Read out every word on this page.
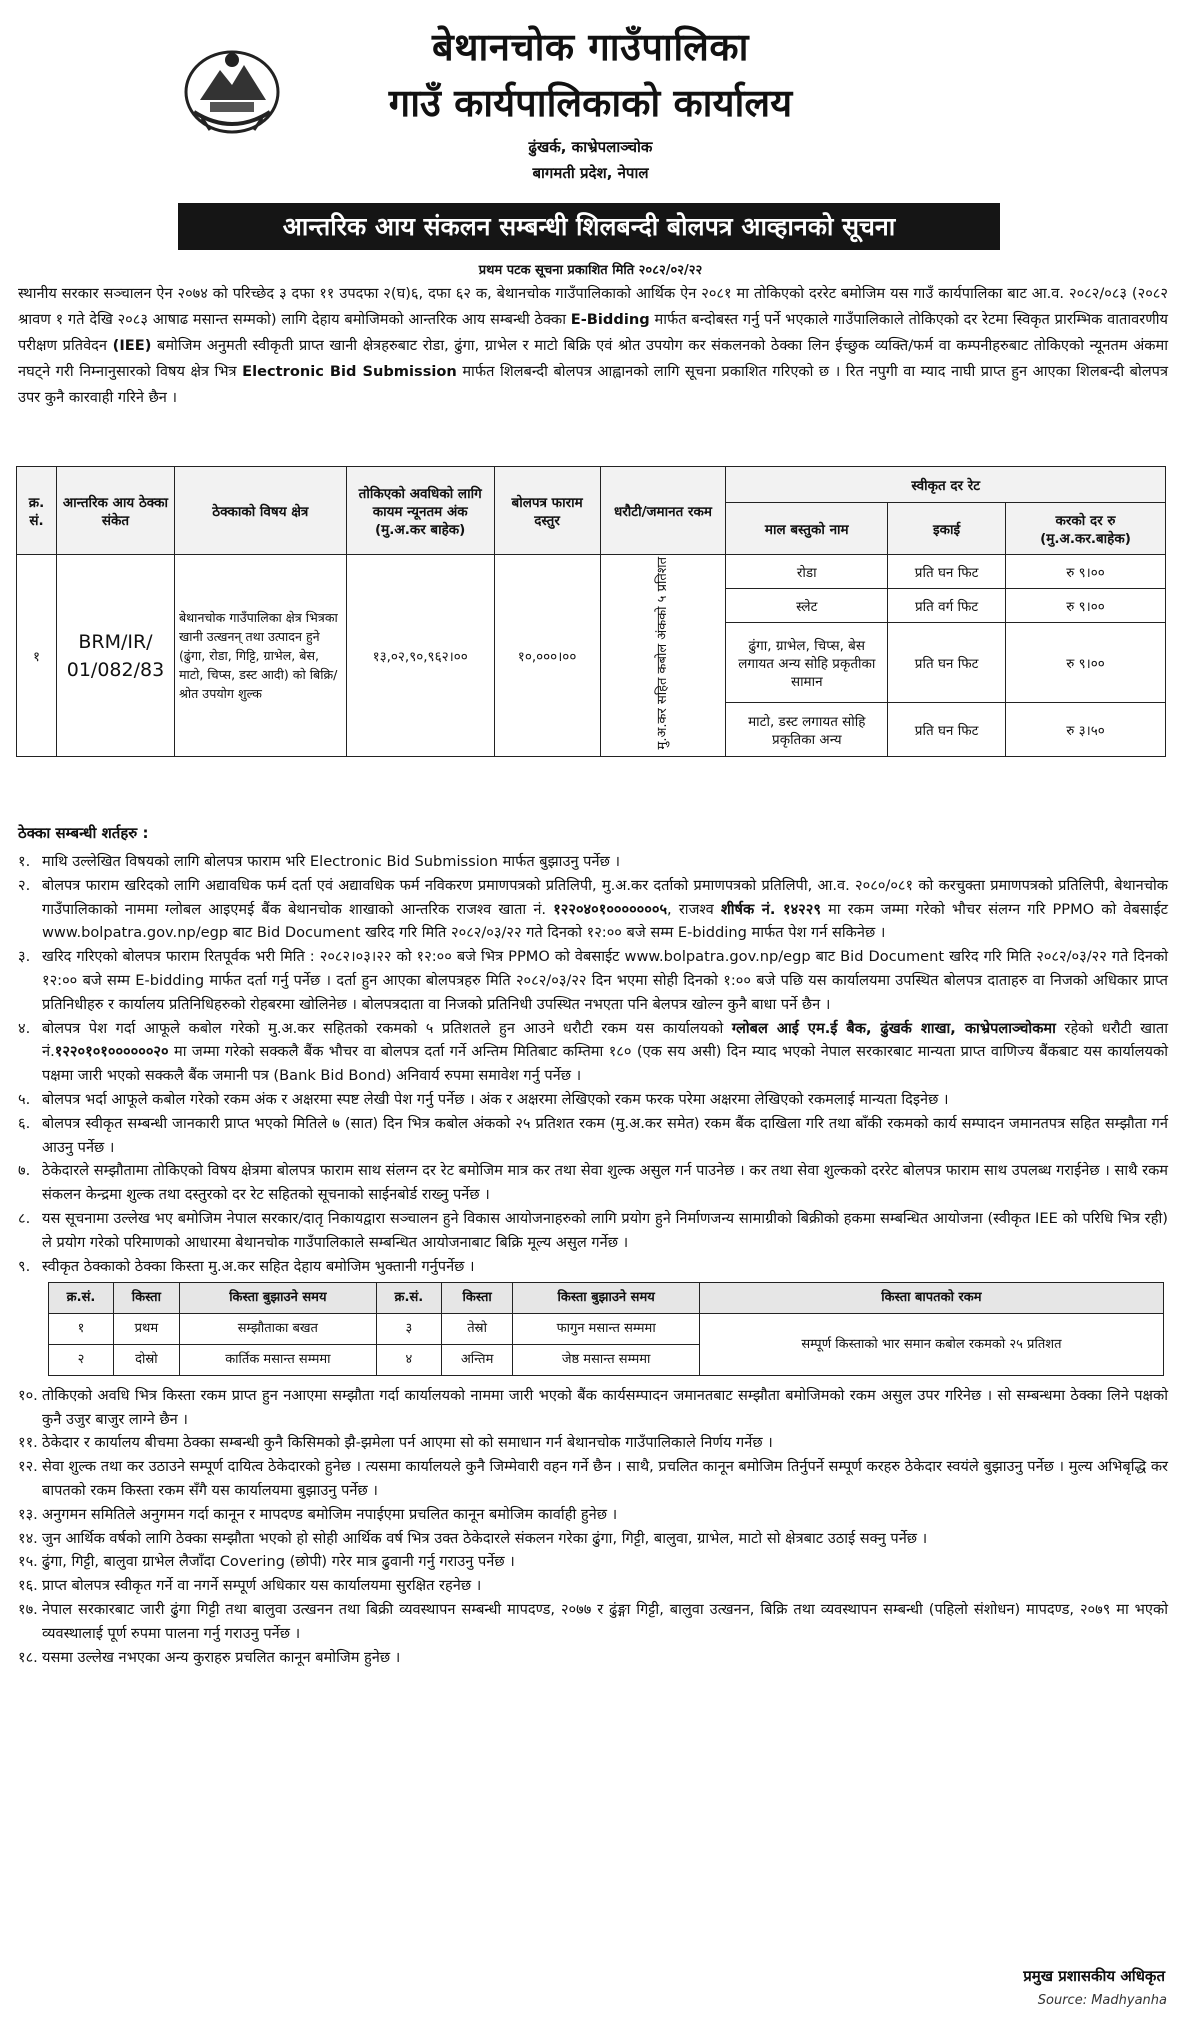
बेथानचोक गाउँपालिका
गाउँ कार्यपालिकाको कार्यालय
ढुंखर्क, काभ्रेपलाञ्चोक
बागमती प्रदेश, नेपाल
आन्तरिक आय संकलन सम्बन्धी शिलबन्दी बोलपत्र आव्हानको सूचना
प्रथम पटक सूचना प्रकाशित मिति २०८२/०२/२२
स्थानीय सरकार सञ्चालन ऐन २०७४ को परिच्छेद ३ दफा ११ उपदफा २(घ)६, दफा ६२ क, बेथानचोक गाउँपालिकाको आर्थिक ऐन २०८१ मा तोकिएको दररेट बमोजिम यस गाउँ कार्यपालिका बाट आ.व. २०८२/०८३ (२०८२ श्रावण १ गते देखि २०८३ आषाढ मसान्त सम्मको) लागि देहाय बमोजिमको आन्तरिक आय सम्बन्धी ठेक्का E-Bidding मार्फत बन्दोबस्त गर्नु पर्ने भएकाले गाउँपालिकाले तोकिएको दर रेटमा स्विकृत प्रारम्भिक वातावरणीय परीक्षण प्रतिवेदन (IEE) बमोजिम अनुमती स्वीकृती प्राप्त खानी क्षेत्रहरुबाट रोडा, ढुंगा, ग्राभेल र माटो बिक्रि एवं श्रोत उपयोग कर संकलनको ठेक्का लिन ईच्छुक व्यक्ति/फर्म वा कम्पनीहरुबाट तोकिएको न्यूनतम अंकमा नघट्ने गरी निम्नानुसारको विषय क्षेत्र भित्र Electronic Bid Submission मार्फत शिलबन्दी बोलपत्र आह्वानको लागि सूचना प्रकाशित गरिएको छ । रित नपुगी वा म्याद नाघी प्राप्त हुन आएका शिलबन्दी बोलपत्र उपर कुनै कारवाही गरिने छैन ।
क्र. सं.	आन्तरिक आय ठेक्का संकेत	ठेक्काको विषय क्षेत्र	तोकिएको अवधिको लागि कायम न्यूनतम अंक (मु.अ.कर बाहेक)	बोलपत्र फाराम दस्तुर	धरौटी/जमानत रकम	स्वीकृत दर रेट		
						माल बस्तुको नाम	इकाई	करको दर रु (मु.अ.कर.बाहेक)
१	BRM/IR/ 01/082/83	बेथानचोक गाउँपालिका क्षेत्र भित्रका खानी उत्खनन् तथा उत्पादन हुने (ढुंगा, रोडा, गिट्टि, ग्राभेल, बेस, माटो, चिप्स, डस्ट आदी) को बिक्रि/श्रोत उपयोग शुल्क	१३,०२,९०,९६२।००	१०,०००।००	मु.अ.कर सहित कबोल अंकको ५ प्रतिशत	रोडा	प्रति घन फिट	रु ९।००
						स्लेट	प्रति वर्ग फिट	रु ९।००
						ढुंगा, ग्राभेल, चिप्स, बेस लगायत अन्य सोहि प्रकृतीका सामान	प्रति घन फिट	रु ९।००
						माटो, डस्ट लगायत सोहि प्रकृतिका अन्य	प्रति घन फिट	रु ३।५०
ठेक्का सम्बन्धी शर्तहरु :
१. माथि उल्लेखित विषयको लागि बोलपत्र फाराम भरि Electronic Bid Submission मार्फत बुझाउनु पर्नेछ ।
२. बोलपत्र फाराम खरिदको लागि अद्यावधिक फर्म दर्ता एवं अद्यावधिक फर्म नविकरण प्रमाणपत्रको प्रतिलिपी, मु.अ.कर दर्ताको प्रमाणपत्रको प्रतिलिपी, आ.व. २०८०/०८१ को करचुक्ता प्रमाणपत्रको प्रतिलिपी, बेथानचोक गाउँपालिकाको नाममा ग्लोबल आइएमई बैंक बेथानचोक शाखाको आन्तरिक राजश्व खाता नं. १२२०४०१०००००००५, राजश्व शीर्षक नं. १४२२९ मा रकम जम्मा गरेको भौचर संलग्न गरि PPMO को वेबसाईट www.bolpatra.gov.np/egp बाट Bid Document खरिद गरि मिति २०८२/०३/२२ गते दिनको १२:०० बजे सम्म E-bidding मार्फत पेश गर्न सकिनेछ ।
३. खरिद गरिएको बोलपत्र फाराम रितपूर्वक भरी मिति : २०८२।०३।२२ को १२:०० बजे भित्र PPMO को वेबसाईट www.bolpatra.gov.np/egp बाट Bid Document खरिद गरि मिति २०८२/०३/२२ गते दिनको १२:०० बजे सम्म E-bidding मार्फत दर्ता गर्नु पर्नेछ । दर्ता हुन आएका बोलपत्रहरु मिति २०८२/०३/२२ दिन भएमा सोही दिनको १:०० बजे पछि यस कार्यालयमा उपस्थित बोलपत्र दाताहरु वा निजको अधिकार प्राप्त प्रतिनिधीहरु र कार्यालय प्रतिनिधिहरुको रोहबरमा खोलिनेछ । बोलपत्रदाता वा निजको प्रतिनिधी उपस्थित नभएता पनि बेलपत्र खोल्न कुनै बाधा पर्ने छैन ।
४. बोलपत्र पेश गर्दा आफूले कबोल गरेको मु.अ.कर सहितको रकमको ५ प्रतिशतले हुन आउने धरौटी रकम यस कार्यालयको ग्लोबल आई एम.ई बैक, ढुंखर्क शाखा, काभ्रेपलाञ्चोकमा रहेको धरौटी खाता नं.१२२०१०१००००००२० मा जम्मा गरेको सक्कलै बैंक भौचर वा बोलपत्र दर्ता गर्ने अन्तिम मितिबाट कम्तिमा १८० (एक सय असी) दिन म्याद भएको नेपाल सरकारबाट मान्यता प्राप्त वाणिज्य बैंकबाट यस कार्यालयको पक्षमा जारी भएको सक्कलै बैंक जमानी पत्र (Bank Bid Bond) अनिवार्य रुपमा समावेश गर्नु पर्नेछ ।
५. बोलपत्र भर्दा आफूले कबोल गरेको रकम अंक र अक्षरमा स्पष्ट लेखी पेश गर्नु पर्नेछ । अंक र अक्षरमा लेखिएको रकम फरक परेमा अक्षरमा लेखिएको रकमलाई मान्यता दिइनेछ ।
६. बोलपत्र स्वीकृत सम्बन्धी जानकारी प्राप्त भएको मितिले ७ (सात) दिन भित्र कबोल अंकको २५ प्रतिशत रकम (मु.अ.कर समेत) रकम बैंक दाखिला गरि तथा बाँकी रकमको कार्य सम्पादन जमानतपत्र सहित सम्झौता गर्न आउनु पर्नेछ ।
७. ठेकेदारले सम्झौतामा तोकिएको विषय क्षेत्रमा बोलपत्र फाराम साथ संलग्न दर रेट बमोजिम मात्र कर तथा सेवा शुल्क असुल गर्न पाउनेछ । कर तथा सेवा शुल्कको दररेट बोलपत्र फाराम साथ उपलब्ध गराईनेछ । साथै रकम संकलन केन्द्रमा शुल्क तथा दस्तुरको दर रेट सहितको सूचनाको साईनबोर्ड राख्नु पर्नेछ ।
८. यस सूचनामा उल्लेख भए बमोजिम नेपाल सरकार/दातृ निकायद्वारा सञ्चालन हुने विकास आयोजनाहरुको लागि प्रयोग हुने निर्माणजन्य सामाग्रीको बिक्रीको हकमा सम्बन्धित आयोजना (स्वीकृत IEE को परिधि भित्र रही) ले प्रयोग गरेको परिमाणको आधारमा बेथानचोक गाउँपालिकाले सम्बन्धित आयोजनाबाट बिक्रि मूल्य असुल गर्नेछ ।
९. स्वीकृत ठेक्काको ठेक्का किस्ता मु.अ.कर सहित देहाय बमोजिम भुक्तानी गर्नुपर्नेछ ।
क्र.सं.	किस्ता	किस्ता बुझाउने समय	क्र.सं.	किस्ता	किस्ता बुझाउने समय	किस्ता बापतको रकम
१	प्रथम	सम्झौताका बखत	३	तेस्रो	फागुन मसान्त सम्ममा	सम्पूर्ण किस्ताको भार समान कबोल रकमको २५ प्रतिशत
२	दोस्रो	कार्तिक मसान्त सम्ममा	४	अन्तिम	जेष्ठ मसान्त सम्ममा	
१०. तोकिएको अवधि भित्र किस्ता रकम प्राप्त हुन नआएमा सम्झौता गर्दा कार्यालयको नाममा जारी भएको बैंक कार्यसम्पादन जमानतबाट सम्झौता बमोजिमको रकम असुल उपर गरिनेछ । सो सम्बन्धमा ठेक्का लिने पक्षको कुनै उजुर बाजुर लाग्ने छैन ।
११. ठेकेदार र कार्यालय बीचमा ठेक्का सम्बन्धी कुनै किसिमको झै-झमेला पर्न आएमा सो को समाधान गर्न बेथानचोक गाउँपालिकाले निर्णय गर्नेछ ।
१२. सेवा शुल्क तथा कर उठाउने सम्पूर्ण दायित्व ठेकेदारको हुनेछ । त्यसमा कार्यालयले कुनै जिम्मेवारी वहन गर्ने छैन । साथै, प्रचलित कानून बमोजिम तिर्नुपर्ने सम्पूर्ण करहरु ठेकेदार स्वयंले बुझाउनु पर्नेछ । मुल्य अभिबृद्धि कर बापतको रकम किस्ता रकम सँगै यस कार्यालयमा बुझाउनु पर्नेछ ।
१३. अनुगमन समितिले अनुगमन गर्दा कानून र मापदण्ड बमोजिम नपाईएमा प्रचलित कानून बमोजिम कार्वाही हुनेछ ।
१४. जुन आर्थिक वर्षको लागि ठेक्का सम्झौता भएको हो सोही आर्थिक वर्ष भित्र उक्त ठेकेदारले संकलन गरेका ढुंगा, गिट्टी, बालुवा, ग्राभेल, माटो सो क्षेत्रबाट उठाई सक्नु पर्नेछ ।
१५. ढुंगा, गिट्टी, बालुवा ग्राभेल लैजाँदा Covering (छोपी) गरेर मात्र ढुवानी गर्नु गराउनु पर्नेछ ।
१६. प्राप्त बोलपत्र स्वीकृत गर्ने वा नगर्ने सम्पूर्ण अधिकार यस कार्यालयमा सुरक्षित रहनेछ ।
१७. नेपाल सरकारबाट जारी ढुंगा गिट्टी तथा बालुवा उत्खनन तथा बिक्री व्यवस्थापन सम्बन्धी मापदण्ड, २०७७ र ढुंङ्गा गिट्टी, बालुवा उत्खनन, बिक्रि तथा व्यवस्थापन सम्बन्धी (पहिलो संशोधन) मापदण्ड, २०७९ मा भएको व्यवस्थालाई पूर्ण रुपमा पालना गर्नु गराउनु पर्नेछ ।
१८. यसमा उल्लेख नभएका अन्य कुराहरु प्रचलित कानून बमोजिम हुनेछ ।
प्रमुख प्रशासकीय अधिकृत
Source: Madhyanha
